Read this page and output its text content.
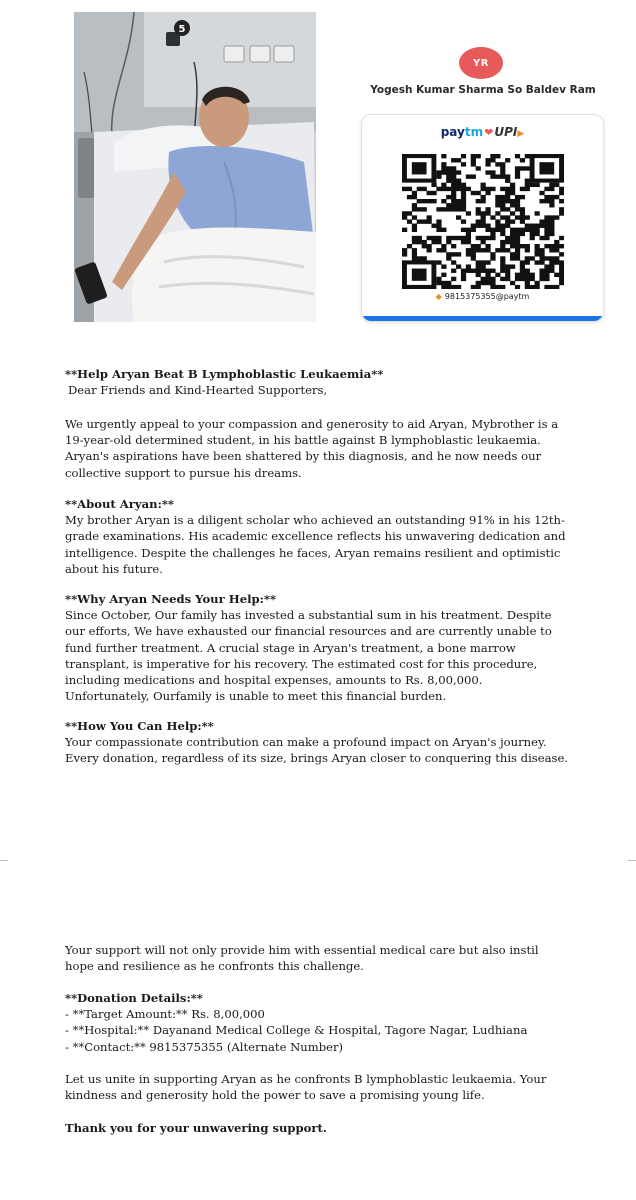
5
YR
Yogesh Kumar Sharma So Baldev Ram
paytm❤UPI▶
◆ 9815375355@paytm

**Help Aryan Beat B Lymphoblastic Leukaemia**

Dear Friends and Kind-Hearted Supporters,

We urgently appeal to your compassion and generosity to aid Aryan, Mybrother is a 19-year-old determined student, in his battle against B lymphoblastic leukaemia. Aryan's aspirations have been shattered by this diagnosis, and he now needs our collective support to pursue his dreams.

**About Aryan:**

My brother Aryan is a diligent scholar who achieved an outstanding 91% in his 12th-grade examinations. His academic excellence reflects his unwavering dedication and intelligence. Despite the challenges he faces, Aryan remains resilient and optimistic about his future.

**Why Aryan Needs Your Help:**

Since October, Our family has invested a substantial sum in his treatment. Despite our efforts, We have exhausted our financial resources and are currently unable to fund further treatment. A crucial stage in Aryan's treatment, a bone marrow transplant, is imperative for his recovery. The estimated cost for this procedure, including medications and hospital expenses, amounts to Rs. 8,00,000. Unfortunately, Ourfamily is unable to meet this financial burden.

**How You Can Help:**

Your compassionate contribution can make a profound impact on Aryan's journey. Every donation, regardless of its size, brings Aryan closer to conquering this disease.

Your support will not only provide him with essential medical care but also instil hope and resilience as he confronts this challenge.

**Donation Details:**

- **Target Amount:** Rs. 8,00,000

- **Hospital:** Dayanand Medical College & Hospital, Tagore Nagar, Ludhiana

- **Contact:** 9815375355 (Alternate Number)

Let us unite in supporting Aryan as he confronts B lymphoblastic leukaemia. Your kindness and generosity hold the power to save a promising young life.

Thank you for your unwavering support.
